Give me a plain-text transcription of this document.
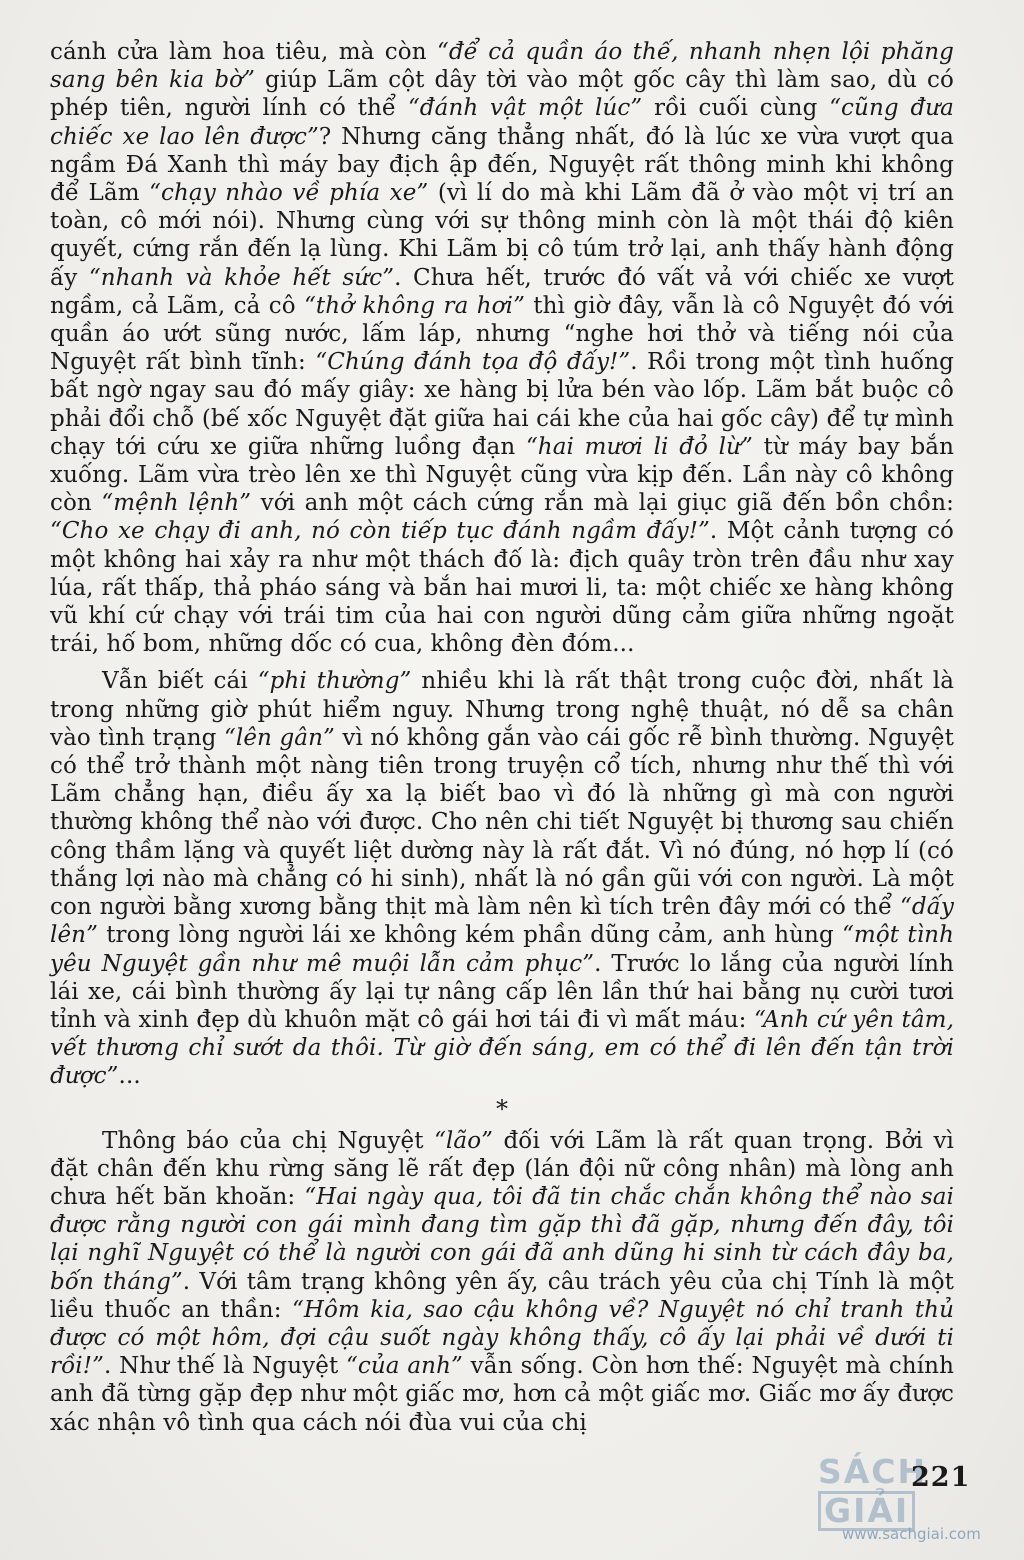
cánh cửa làm hoa tiêu, mà còn “để cả quần áo thế, nhanh nhẹn lội phăng sang bên kia bờ” giúp Lãm cột dây tời vào một gốc cây thì làm sao, dù có phép tiên, người lính có thể “đánh vật một lúc” rồi cuối cùng “cũng đưa chiếc xe lao lên được”? Nhưng căng thẳng nhất, đó là lúc xe vừa vượt qua ngầm Đá Xanh thì máy bay địch ập đến, Nguyệt rất thông minh khi không để Lãm “chạy nhào về phía xe” (vì lí do mà khi Lãm đã ở vào một vị trí an toàn, cô mới nói). Nhưng cùng với sự thông minh còn là một thái độ kiên quyết, cứng rắn đến lạ lùng. Khi Lãm bị cô túm trở lại, anh thấy hành động ấy “nhanh và khỏe hết sức”. Chưa hết, trước đó vất vả với chiếc xe vượt ngầm, cả Lãm, cả cô “thở không ra hơi” thì giờ đây, vẫn là cô Nguyệt đó với quần áo ướt sũng nước, lấm láp, nhưng “nghe hơi thở và tiếng nói của Nguyệt rất bình tĩnh: “Chúng đánh tọa độ đấy!”. Rồi trong một tình huống bất ngờ ngay sau đó mấy giây: xe hàng bị lửa bén vào lốp. Lãm bắt buộc cô phải đổi chỗ (bế xốc Nguyệt đặt giữa hai cái khe của hai gốc cây) để tự mình chạy tới cứu xe giữa những luồng đạn “hai mươi li đỏ lừ” từ máy bay bắn xuống. Lãm vừa trèo lên xe thì Nguyệt cũng vừa kịp đến. Lần này cô không còn “mệnh lệnh” với anh một cách cứng rắn mà lại giục giã đến bồn chồn: “Cho xe chạy đi anh, nó còn tiếp tục đánh ngầm đấy!”. Một cảnh tượng có một không hai xảy ra như một thách đố là: địch quây tròn trên đầu như xay lúa, rất thấp, thả pháo sáng và bắn hai mươi li, ta: một chiếc xe hàng không vũ khí cứ chạy với trái tim của hai con người dũng cảm giữa những ngoặt trái, hố bom, những dốc có cua, không đèn đóm...

Vẫn biết cái “phi thường” nhiều khi là rất thật trong cuộc đời, nhất là trong những giờ phút hiểm nguy. Nhưng trong nghệ thuật, nó dễ sa chân vào tình trạng “lên gân” vì nó không gắn vào cái gốc rễ bình thường. Nguyệt có thể trở thành một nàng tiên trong truyện cổ tích, nhưng như thế thì với Lãm chẳng hạn, điều ấy xa lạ biết bao vì đó là những gì mà con người thường không thể nào với được. Cho nên chi tiết Nguyệt bị thương sau chiến công thầm lặng và quyết liệt dường này là rất đắt. Vì nó đúng, nó hợp lí (có thắng lợi nào mà chẳng có hi sinh), nhất là nó gần gũi với con người. Là một con người bằng xương bằng thịt mà làm nên kì tích trên đây mới có thể “dấy lên” trong lòng người lái xe không kém phần dũng cảm, anh hùng “một tình yêu Nguyệt gần như mê muội lẫn cảm phục”. Trước lo lắng của người lính lái xe, cái bình thường ấy lại tự nâng cấp lên lần thứ hai bằng nụ cười tươi tỉnh và xinh đẹp dù khuôn mặt cô gái hơi tái đi vì mất máu: “Anh cứ yên tâm, vết thương chỉ sướt da thôi. Từ giờ đến sáng, em có thể đi lên đến tận trời được”...

*

Thông báo của chị Nguyệt “lão” đối với Lãm là rất quan trọng. Bởi vì đặt chân đến khu rừng săng lẽ rất đẹp (lán đội nữ công nhân) mà lòng anh chưa hết băn khoăn: “Hai ngày qua, tôi đã tin chắc chắn không thể nào sai được rằng người con gái mình đang tìm gặp thì đã gặp, nhưng đến đây, tôi lại nghĩ Nguyệt có thể là người con gái đã anh dũng hi sinh từ cách đây ba, bốn tháng”. Với tâm trạng không yên ấy, câu trách yêu của chị Tính là một liều thuốc an thần: “Hôm kia, sao cậu không về? Nguyệt nó chỉ tranh thủ được có một hôm, đợi cậu suốt ngày không thấy, cô ấy lại phải về dưới ti rồi!”. Như thế là Nguyệt “của anh” vẫn sống. Còn hơn thế: Nguyệt mà chính anh đã từng gặp đẹp như một giấc mơ, hơn cả một giấc mơ. Giấc mơ ấy được xác nhận vô tình qua cách nói đùa vui của chị

SÁCHGIẢI
221
www.sachgiai.com
